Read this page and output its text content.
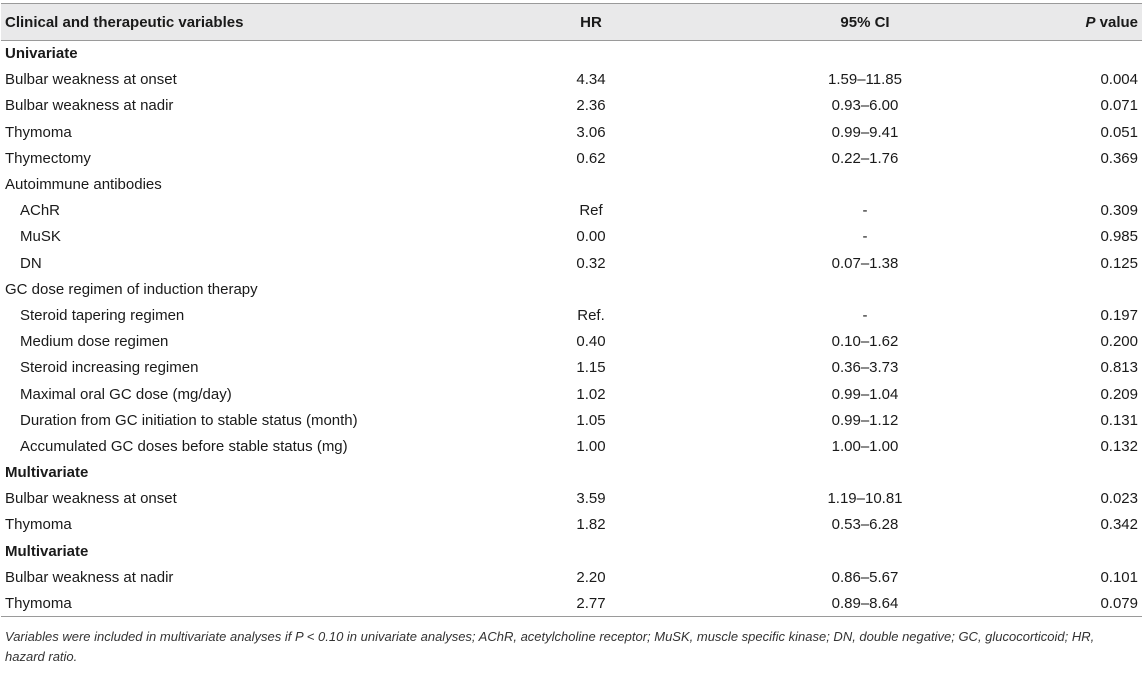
Clinical and therapeutic variables	HR	95% CI	P value
Univariate			
Bulbar weakness at onset	4.34	1.59–11.85	0.004
Bulbar weakness at nadir	2.36	0.93–6.00	0.071
Thymoma	3.06	0.99–9.41	0.051
Thymectomy	0.62	0.22–1.76	0.369
Autoimmune antibodies			
AChR	Ref	-	0.309
MuSK	0.00	-	0.985
DN	0.32	0.07–1.38	0.125
GC dose regimen of induction therapy			
Steroid tapering regimen	Ref.	-	0.197
Medium dose regimen	0.40	0.10–1.62	0.200
Steroid increasing regimen	1.15	0.36–3.73	0.813
Maximal oral GC dose (mg/day)	1.02	0.99–1.04	0.209
Duration from GC initiation to stable status (month)	1.05	0.99–1.12	0.131
Accumulated GC doses before stable status (mg)	1.00	1.00–1.00	0.132
Multivariate			
Bulbar weakness at onset	3.59	1.19–10.81	0.023
Thymoma	1.82	0.53–6.28	0.342
Multivariate			
Bulbar weakness at nadir	2.20	0.86–5.67	0.101
Thymoma	2.77	0.89–8.64	0.079
Variables were included in multivariate analyses if P < 0.10 in univariate analyses; AChR, acetylcholine receptor; MuSK, muscle specific kinase; DN, double negative; GC, glucocorticoid; HR, hazard ratio.
